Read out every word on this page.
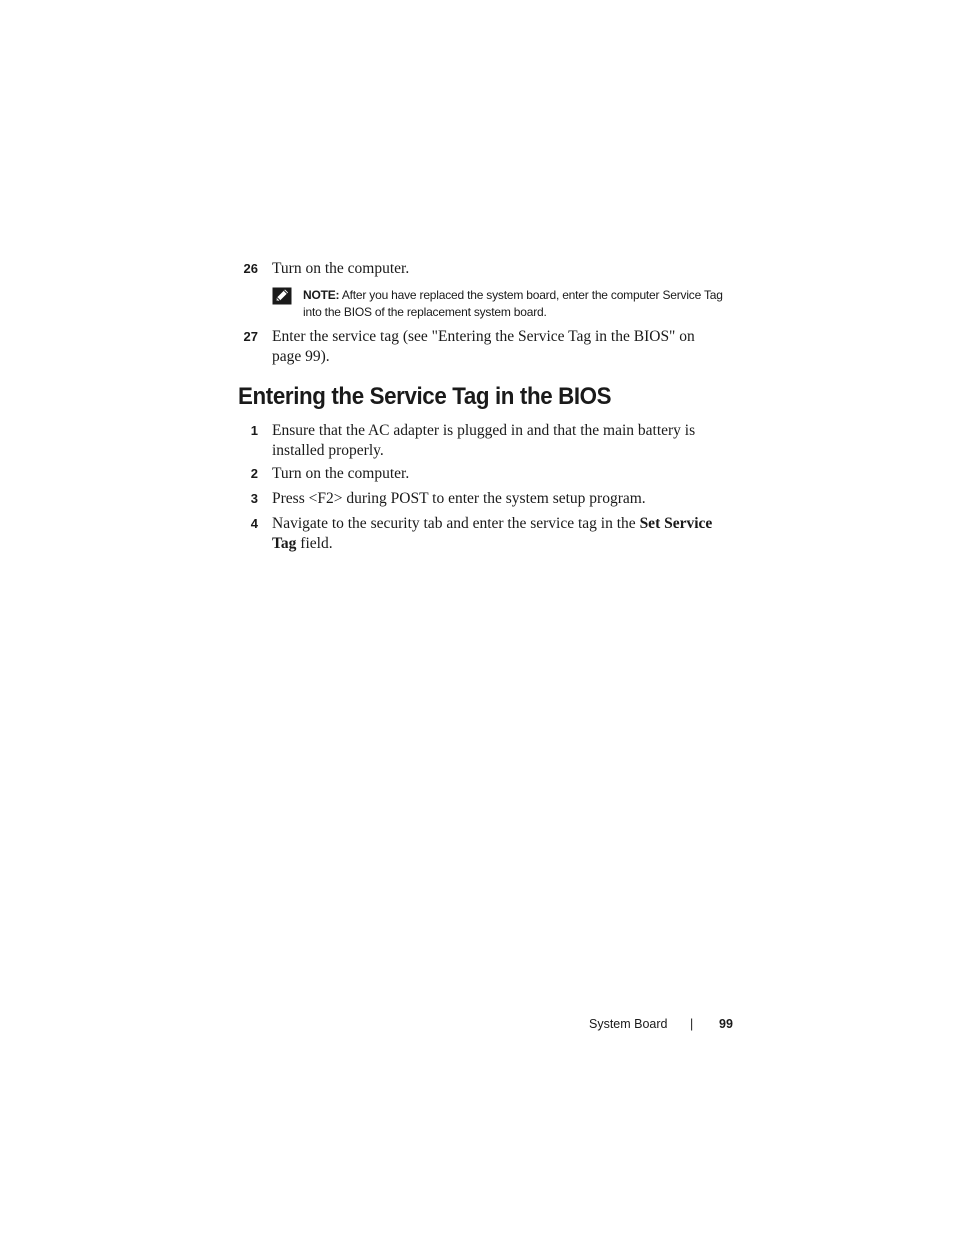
26 Turn on the computer.
NOTE: After you have replaced the system board, enter the computer Service Tag into the BIOS of the replacement system board.
27 Enter the service tag (see "Entering the Service Tag in the BIOS" on page 99).
Entering the Service Tag in the BIOS
1 Ensure that the AC adapter is plugged in and that the main battery is installed properly.
2 Turn on the computer.
3 Press <F2> during POST to enter the system setup program.
4 Navigate to the security tab and enter the service tag in the Set Service Tag field.
System Board | 99
